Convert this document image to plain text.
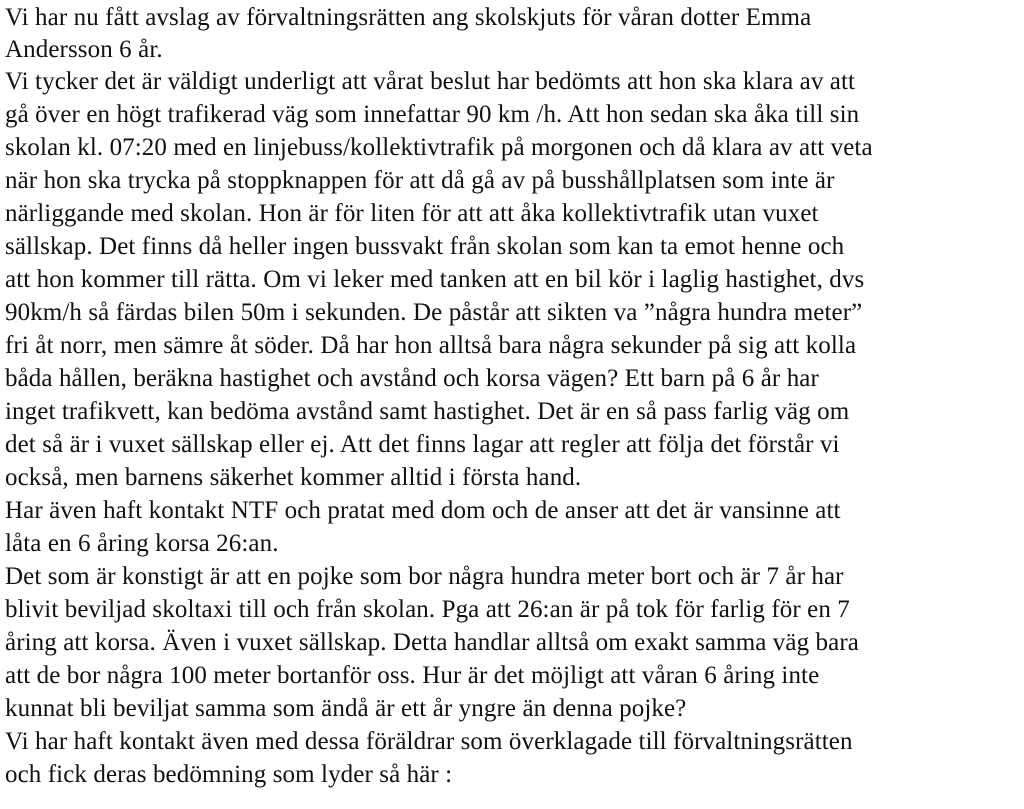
Vi har nu fått avslag av förvaltningsrätten ang skolskjuts för våran dotter Emma

Andersson 6 år.

Vi tycker det är väldigt underligt att vårat beslut har bedömts att hon ska klara av att

gå över en högt trafikerad väg som innefattar 90 km /h. Att hon sedan ska åka till sin

skolan kl. 07:20 med en linjebuss/kollektivtrafik på morgonen och då klara av att veta

när hon ska trycka på stoppknappen för att då gå av på busshållplatsen som inte är

närliggande med skolan. Hon är för liten för att att åka kollektivtrafik utan vuxet

sällskap. Det finns då heller ingen bussvakt från skolan som kan ta emot henne och

att hon kommer till rätta. Om vi leker med tanken att en bil kör i laglig hastighet, dvs

90km/h så färdas bilen 50m i sekunden. De påstår att sikten va ”några hundra meter”

fri åt norr, men sämre åt söder. Då har hon alltså bara några sekunder på sig att kolla

båda hållen, beräkna hastighet och avstånd och korsa vägen? Ett barn på 6 år har

inget trafikvett, kan bedöma avstånd samt hastighet. Det är en så pass farlig väg om

det så är i vuxet sällskap eller ej. Att det finns lagar att regler att följa det förstår vi

också, men barnens säkerhet kommer alltid i första hand.

Har även haft kontakt NTF och pratat med dom och de anser att det är vansinne att

låta en 6 åring korsa 26:an.

Det som är konstigt är att en pojke som bor några hundra meter bort och är 7 år har

blivit beviljad skoltaxi till och från skolan. Pga att 26:an är på tok för farlig för en 7

åring att korsa. Även i vuxet sällskap. Detta handlar alltså om exakt samma väg bara

att de bor några 100 meter bortanför oss. Hur är det möjligt att våran 6 åring inte

kunnat bli beviljat samma som ändå är ett år yngre än denna pojke?

Vi har haft kontakt även med dessa föräldrar som överklagade till förvaltningsrätten

och fick deras bedömning som lyder så här :
